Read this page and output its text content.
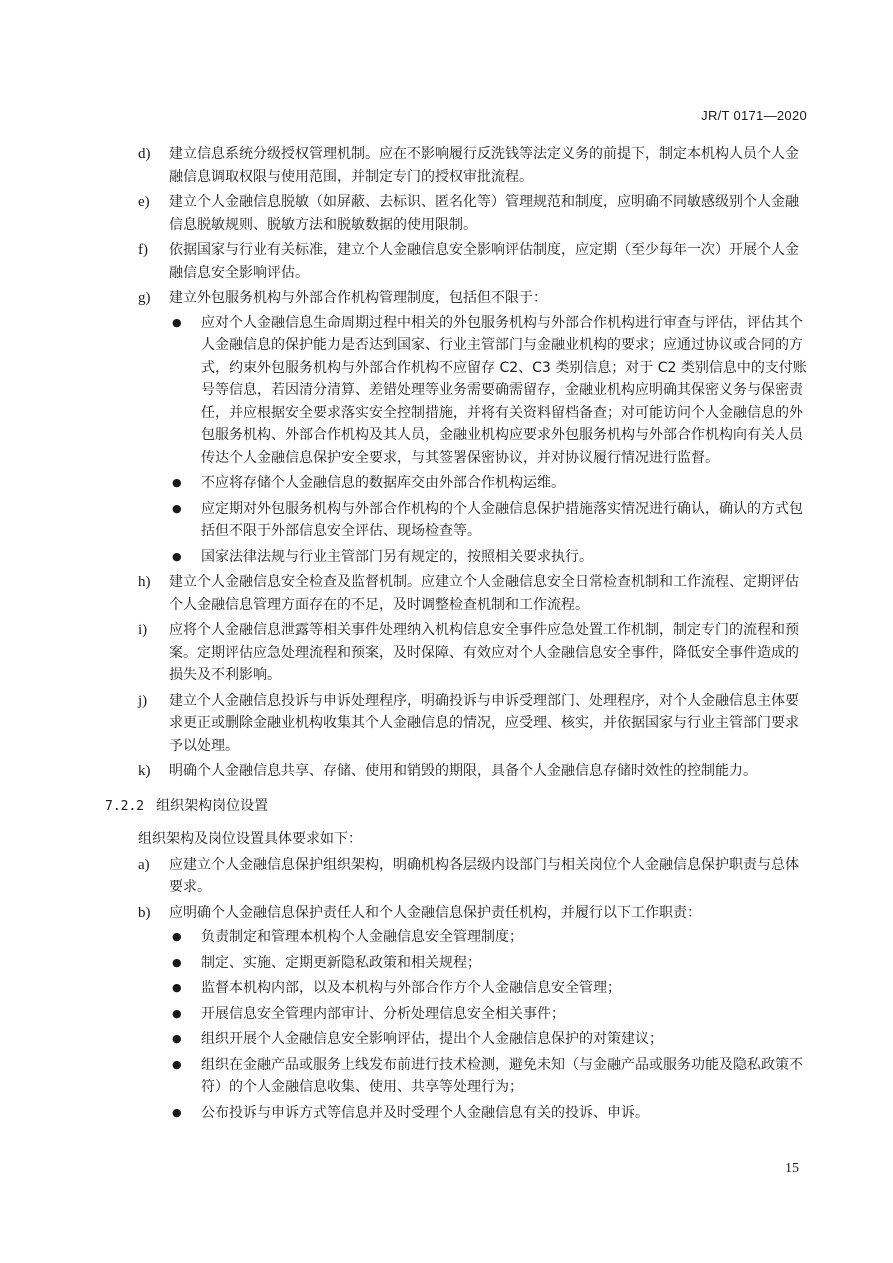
JR/T 0171—2020
d) 建立信息系统分级授权管理机制。应在不影响履行反洗钱等法定义务的前提下，制定本机构人员个人金融信息调取权限与使用范围，并制定专门的授权审批流程。
e) 建立个人金融信息脱敏（如屏蔽、去标识、匿名化等）管理规范和制度，应明确不同敏感级别个人金融信息脱敏规则、脱敏方法和脱敏数据的使用限制。
f) 依据国家与行业有关标准，建立个人金融信息安全影响评估制度，应定期（至少每年一次）开展个人金融信息安全影响评估。
g) 建立外包服务机构与外部合作机构管理制度，包括但不限于：
● 应对个人金融信息生命周期过程中相关的外包服务机构与外部合作机构进行审查与评估，评估其个人金融信息的保护能力是否达到国家、行业主管部门与金融业机构的要求；应通过协议或合同的方式，约束外包服务机构与外部合作机构不应留存 C2、C3 类别信息；对于 C2 类别信息中的支付账号等信息，若因清分清算、差错处理等业务需要确需留存，金融业机构应明确其保密义务与保密责任，并应根据安全要求落实安全控制措施，并将有关资料留档备查；对可能访问个人金融信息的外包服务机构、外部合作机构及其人员，金融业机构应要求外包服务机构与外部合作机构向有关人员传达个人金融信息保护安全要求，与其签署保密协议，并对协议履行情况进行监督。
● 不应将存储个人金融信息的数据库交由外部合作机构运维。
● 应定期对外包服务机构与外部合作机构的个人金融信息保护措施落实情况进行确认，确认的方式包括但不限于外部信息安全评估、现场检查等。
● 国家法律法规与行业主管部门另有规定的，按照相关要求执行。
h) 建立个人金融信息安全检查及监督机制。应建立个人金融信息安全日常检查机制和工作流程、定期评估个人金融信息管理方面存在的不足，及时调整检查机制和工作流程。
i) 应将个人金融信息泄露等相关事件处理纳入机构信息安全事件应急处置工作机制，制定专门的流程和预案。定期评估应急处理流程和预案，及时保障、有效应对个人金融信息安全事件，降低安全事件造成的损失及不利影响。
j) 建立个人金融信息投诉与申诉处理程序，明确投诉与申诉受理部门、处理程序，对个人金融信息主体要求更正或删除金融业机构收集其个人金融信息的情况，应受理、核实，并依据国家与行业主管部门要求予以处理。
k) 明确个人金融信息共享、存储、使用和销毁的期限，具备个人金融信息存储时效性的控制能力。
7.2.2 组织架构岗位设置
组织架构及岗位设置具体要求如下：
a) 应建立个人金融信息保护组织架构，明确机构各层级内设部门与相关岗位个人金融信息保护职责与总体要求。
b) 应明确个人金融信息保护责任人和个人金融信息保护责任机构，并履行以下工作职责：
● 负责制定和管理本机构个人金融信息安全管理制度；
● 制定、实施、定期更新隐私政策和相关规程；
● 监督本机构内部，以及本机构与外部合作方个人金融信息安全管理；
● 开展信息安全管理内部审计、分析处理信息安全相关事件；
● 组织开展个人金融信息安全影响评估，提出个人金融信息保护的对策建议；
● 组织在金融产品或服务上线发布前进行技术检测，避免未知（与金融产品或服务功能及隐私政策不符）的个人金融信息收集、使用、共享等处理行为；
● 公布投诉与申诉方式等信息并及时受理个人金融信息有关的投诉、申诉。
15
